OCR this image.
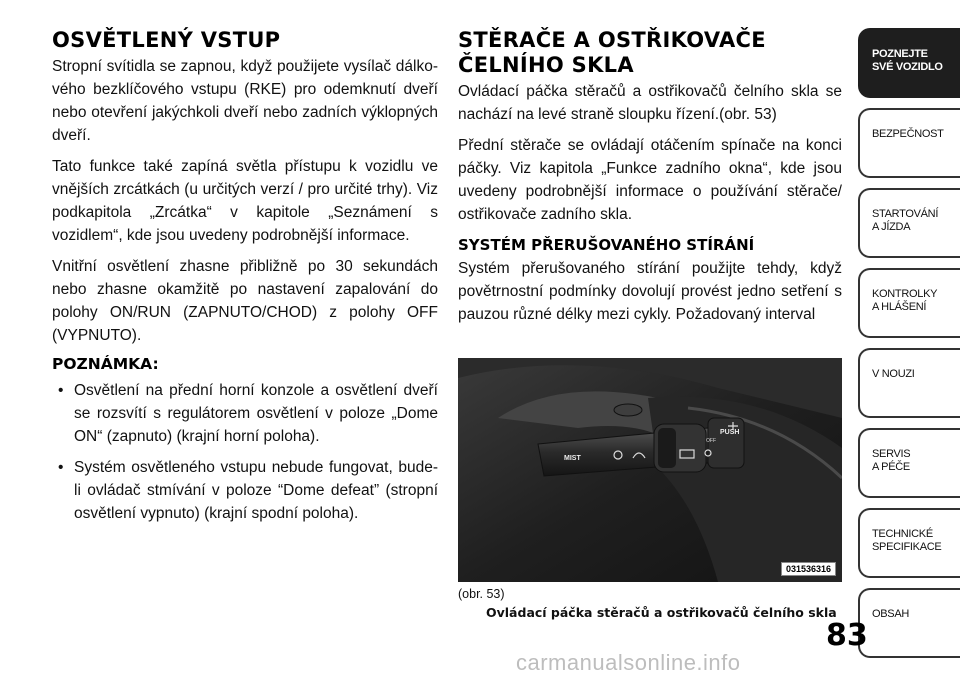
OSVĚTLENÝ VSTUP

Stropní svítidla se zapnou, když použijete vysílač dálkového bezklíčového vstupu (RKE) pro odemknutí dveří nebo otevření jakýchkoli dveří nebo zadních výklopných dveří.

Tato funkce také zapíná světla přístupu k vozidlu ve vnějších zrcátkách (u určitých verzí / pro určité trhy). Viz podkapitola „Zrcátka“ v kapitole „Seznámení s vozidlem“, kde jsou uvedeny podrobnější informace.

Vnitřní osvětlení zhasne přibližně po 30 sekundách nebo zhasne okamžitě po nastavení zapalování do polohy ON/RUN (ZAPNUTO/CHOD) z polohy OFF (VYPNUTO).

POZNÁMKA:
• Osvětlení na přední horní konzole a osvětlení dveří se rozsvítí s regulátorem osvětlení v poloze „Dome ON“ (zapnuto) (krajní horní poloha).
• Systém osvětleného vstupu nebude fungovat, bude-li ovládač stmívání v poloze “Dome defeat” (stropní osvětlení vypnuto) (krajní spodní poloha).
STĚRAČE A OSTŘIKOVAČE ČELNÍHO SKLA

Ovládací páčka stěračů a ostřikovačů čelního skla se nachází na levé straně sloupku řízení.(obr. 53)

Přední stěrače se ovládají otáčením spínače na konci páčky. Viz kapitola „Funkce zadního okna“, kde jsou uvedeny podrobnější informace o používání stěrače/ ostřikovače zadního skla.

SYSTÉM PŘERUŠOVANÉHO STÍRÁNÍ

Systém přerušovaného stírání použijte tehdy, když povětrnostní podmínky dovolují provést jedno setření s pauzou různé délky mezi cykly. Požadovaný interval

MIST
PUSH
OFF
031536316
(obr. 53)
Ovládací páčka stěračů a ostřikovačů čelního skla
POZNEJTE
SVÉ VOZIDLO
BEZPEČNOST
STARTOVÁNÍ
A JÍZDA
KONTROLKY
A HLÁŠENÍ
V NOUZI
SERVIS
A PÉČE
TECHNICKÉ
SPECIFIKACE
OBSAH
83
carmanualsonline.info
